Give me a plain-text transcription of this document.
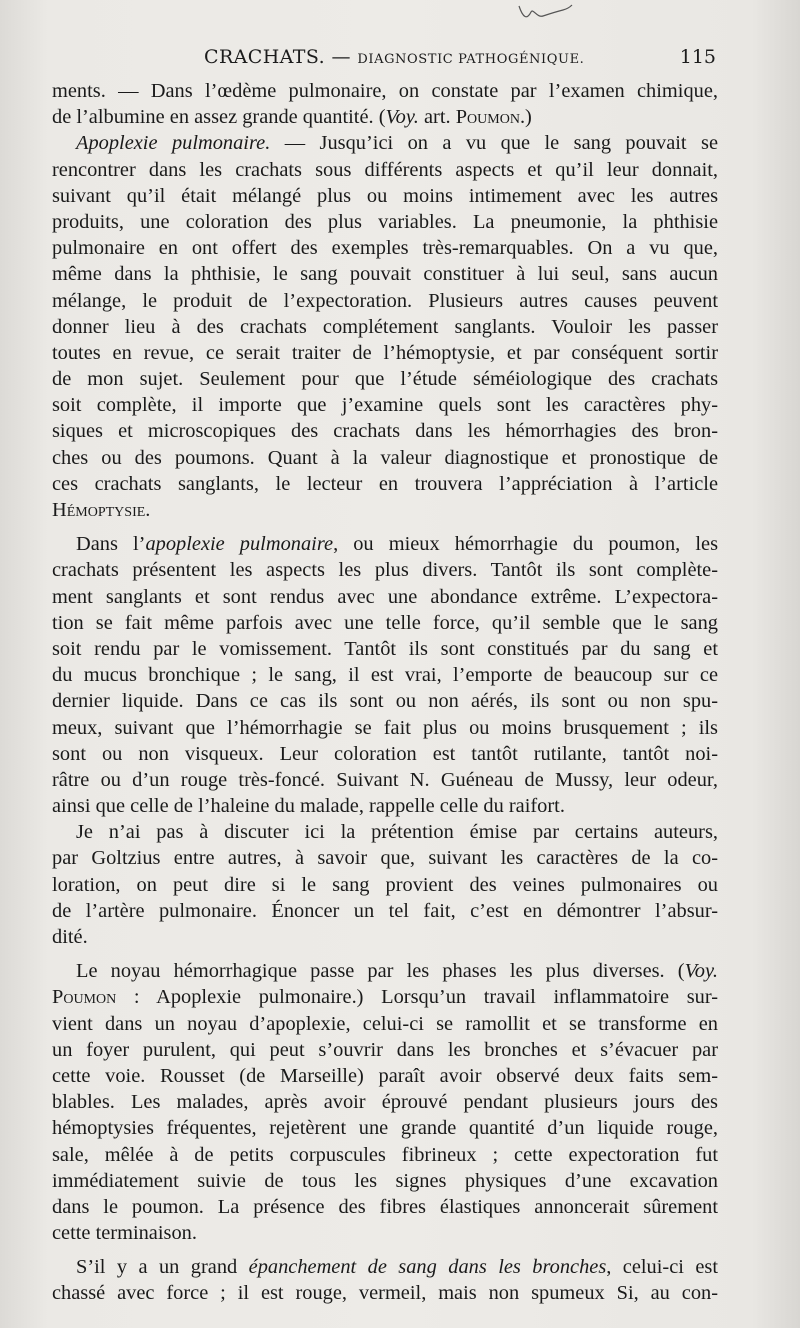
CRACHATS. — DIAGNOSTIC PATHOGÉNIQUE.	115
ments. — Dans l’œdème pulmonaire, on constate par l’examen chimique,
de l’albumine en assez grande quantité. (Voy. art. Poumon.)
Apoplexie pulmonaire. — Jusqu’ici on a vu que le sang pouvait se
rencontrer dans les crachats sous différents aspects et qu’il leur donnait,
suivant qu’il était mélangé plus ou moins intimement avec les autres
produits, une coloration des plus variables. La pneumonie, la phthisie
pulmonaire en ont offert des exemples très-remarquables. On a vu que,
même dans la phthisie, le sang pouvait constituer à lui seul, sans aucun
mélange, le produit de l’expectoration. Plusieurs autres causes peuvent
donner lieu à des crachats complétement sanglants. Vouloir les passer
toutes en revue, ce serait traiter de l’hémoptysie, et par conséquent sortir
de mon sujet. Seulement pour que l’étude séméiologique des crachats
soit complète, il importe que j’examine quels sont les caractères phy-
siques et microscopiques des crachats dans les hémorrhagies des bron-
ches ou des poumons. Quant à la valeur diagnostique et pronostique de
ces crachats sanglants, le lecteur en trouvera l’appréciation à l’article
Hémoptysie.
Dans l’apoplexie pulmonaire, ou mieux hémorrhagie du poumon, les
crachats présentent les aspects les plus divers. Tantôt ils sont complète-
ment sanglants et sont rendus avec une abondance extrême. L’expectora-
tion se fait même parfois avec une telle force, qu’il semble que le sang
soit rendu par le vomissement. Tantôt ils sont constitués par du sang et
du mucus bronchique ; le sang, il est vrai, l’emporte de beaucoup sur ce
dernier liquide. Dans ce cas ils sont ou non aérés, ils sont ou non spu-
meux, suivant que l’hémorrhagie se fait plus ou moins brusquement ; ils
sont ou non visqueux. Leur coloration est tantôt rutilante, tantôt noi-
râtre ou d’un rouge très-foncé. Suivant N. Guéneau de Mussy, leur odeur,
ainsi que celle de l’haleine du malade, rappelle celle du raifort.
Je n’ai pas à discuter ici la prétention émise par certains auteurs,
par Goltzius entre autres, à savoir que, suivant les caractères de la co-
loration, on peut dire si le sang provient des veines pulmonaires ou
de l’artère pulmonaire. Énoncer un tel fait, c’est en démontrer l’absur-
dité.
Le noyau hémorrhagique passe par les phases les plus diverses. (Voy.
Poumon : Apoplexie pulmonaire.) Lorsqu’un travail inflammatoire sur-
vient dans un noyau d’apoplexie, celui-ci se ramollit et se transforme en
un foyer purulent, qui peut s’ouvrir dans les bronches et s’évacuer par
cette voie. Rousset (de Marseille) paraît avoir observé deux faits sem-
blables. Les malades, après avoir éprouvé pendant plusieurs jours des
hémoptysies fréquentes, rejetèrent une grande quantité d’un liquide rouge,
sale, mêlée à de petits corpuscules fibrineux ; cette expectoration fut
immédiatement suivie de tous les signes physiques d’une excavation
dans le poumon. La présence des fibres élastiques annoncerait sûrement
cette terminaison.
S’il y a un grand épanchement de sang dans les bronches, celui-ci est
chassé avec force ; il est rouge, vermeil, mais non spumeux Si, au con-
